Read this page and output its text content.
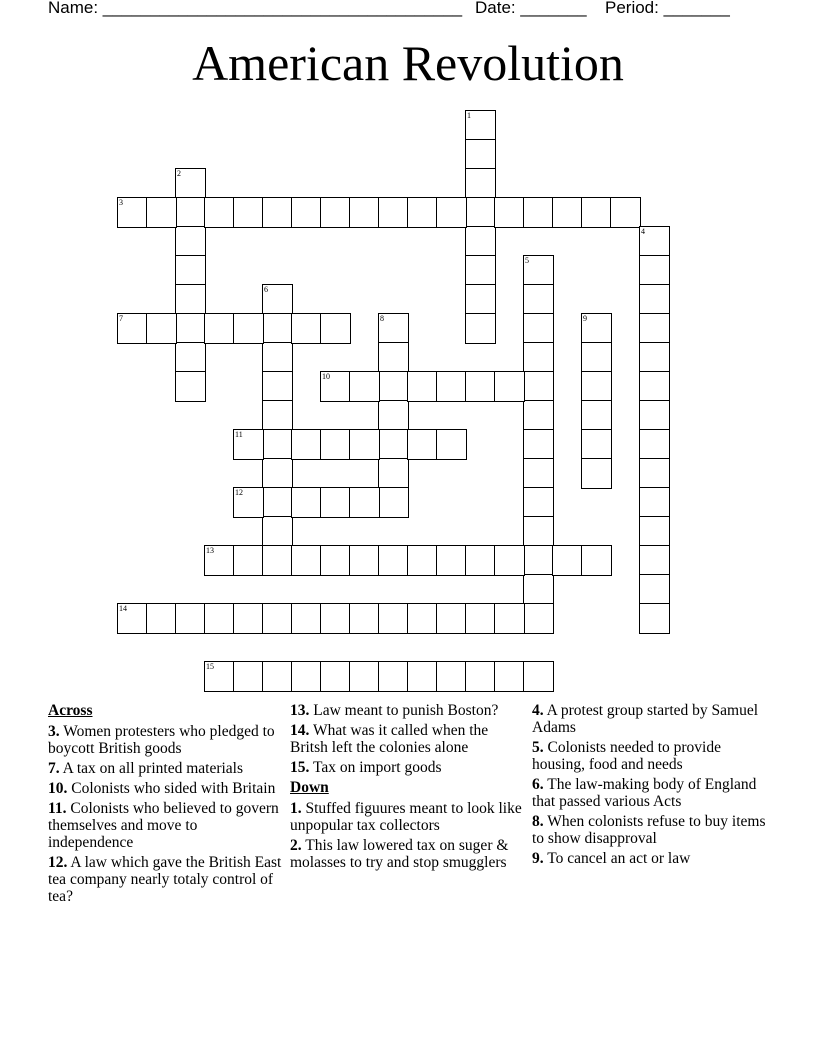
Name: ______________________________________ Date: _______ Period: _______
American Revolution
1
2
3
4
5
6
7	8	9
10
11
12
13
14
15
Across
3. Women protesters who pledged to boycott British goods
7. A tax on all printed materials
10. Colonists who sided with Britain
11. Colonists who believed to govern themselves and move to independence
12. A law which gave the British East tea company nearly totaly control of tea?
13. Law meant to punish Boston?
14. What was it called when the Britsh left the colonies alone
15. Tax on import goods
Down
1. Stuffed figuures meant to look like unpopular tax collectors
2. This law lowered tax on suger & molasses to try and stop smugglers
4. A protest group started by Samuel Adams
5. Colonists needed to provide housing, food and needs
6. The law-making body of England that passed various Acts
8. When colonists refuse to buy items to show disapproval
9. To cancel an act or law
